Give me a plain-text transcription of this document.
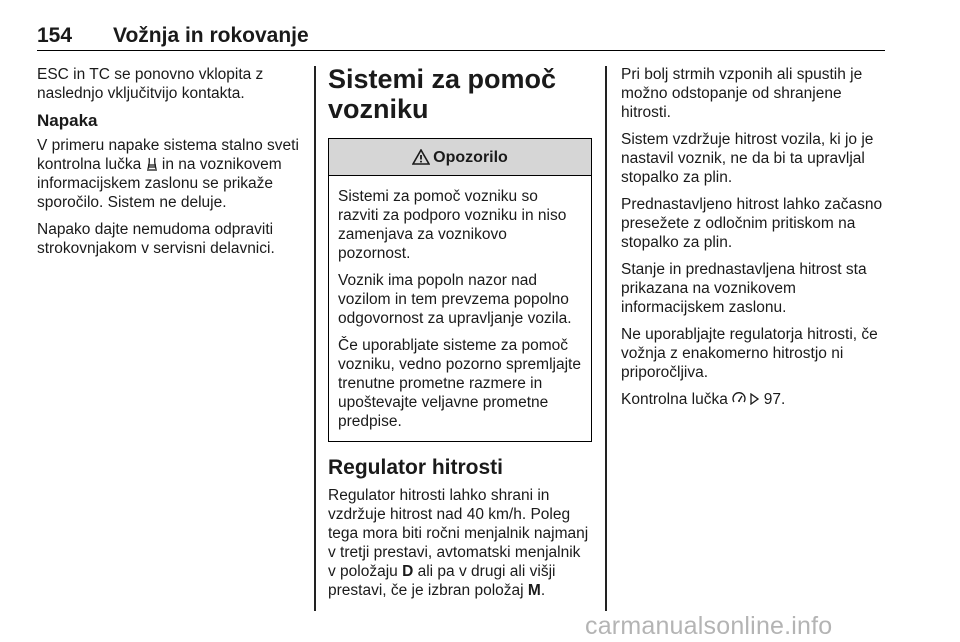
154 Vožnja in rokovanje

ESC in TC se ponovno vklopita z naslednjo vključitvijo kontakta.

Napaka

V primeru napake sistema stalno sveti kontrolna lučka  in na voznikovem informacijskem zaslonu se prikaže sporočilo. Sistem ne deluje.

Napako dajte nemudoma odpraviti strokovnjakom v servisni delavnici.

Sistemi za pomoč vozniku
Opozorilo

Sistemi za pomoč vozniku so razviti za podporo vozniku in niso zamenjava za voznikovo pozornost.

Voznik ima popoln nazor nad vozilom in tem prevzema popolno odgovornost za upravljanje vozila.

Če uporabljate sisteme za pomoč vozniku, vedno pozorno spremljajte trenutne prometne razmere in upoštevajte veljavne prometne predpise.

Regulator hitrosti

Regulator hitrosti lahko shrani in vzdržuje hitrost nad 40 km/h. Poleg tega mora biti ročni menjalnik najmanj v tretji prestavi, avtomatski menjalnik v položaju D ali pa v drugi ali višji prestavi, če je izbran položaj M.

Pri bolj strmih vzponih ali spustih je možno odstopanje od shranjene hitrosti.

Sistem vzdržuje hitrost vozila, ki jo je nastavil voznik, ne da bi ta upravljal stopalko za plin.

Prednastavljeno hitrost lahko začasno presežete z odločnim pritiskom na stopalko za plin.

Stanje in prednastavljena hitrost sta prikazana na voznikovem informacijskem zaslonu.

Ne uporabljajte regulatorja hitrosti, če vožnja z enakomerno hitrostjo ni priporočljiva.

Kontrolna lučka   97.

carmanualsonline.info
